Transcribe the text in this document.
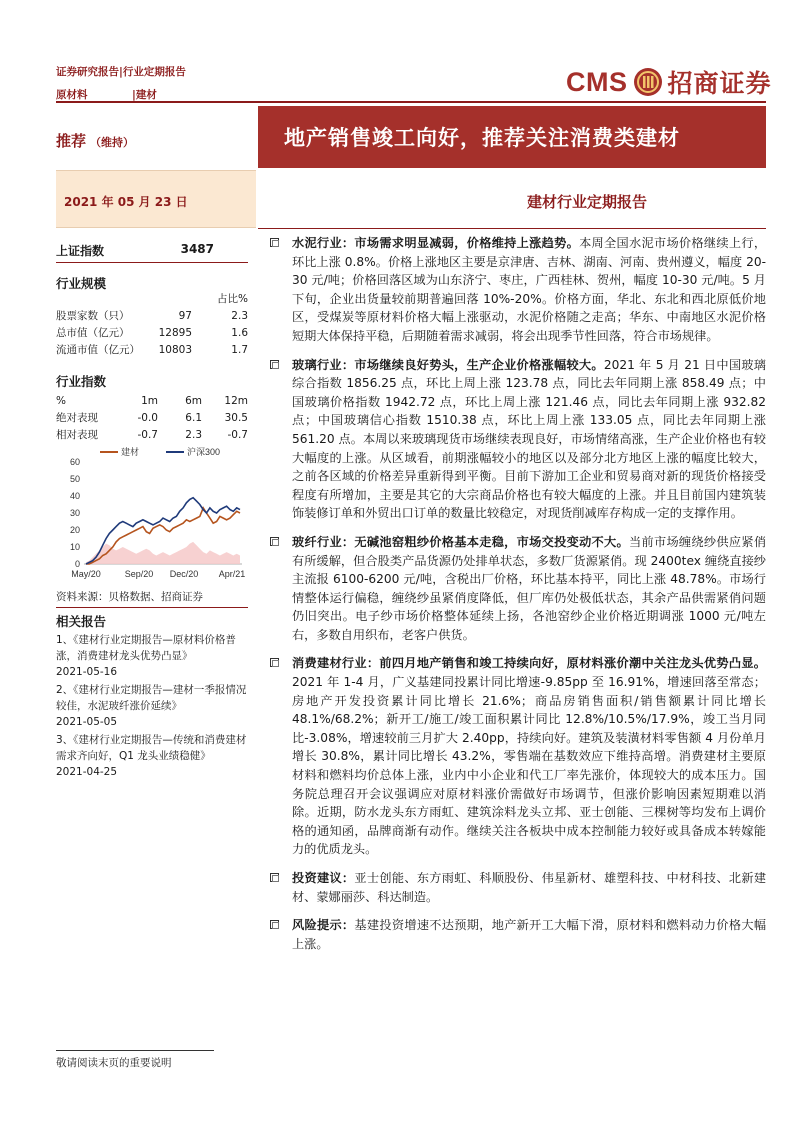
证券研究报告|行业定期报告
原材料	|建材	CMS 招商证券
推荐 （维持）	地产销售竣工向好，推荐关注消费类建材
2021 年 05 月 23 日	建材行业定期报告
上证指数	3487
行业规模
		占比%
股票家数（只）	97	2.3
总市值（亿元）	12895	1.6
流通市值（亿元）	10803	1.7
行业指数
%	1m	6m	12m
绝对表现	-0.0	6.1	30.5
相对表现	-0.7	2.3	-0.7
0
10
20
30
40
50
60
建材	沪深300
May/20	Sep/20 Dec/20 Apr/21
资料来源：贝格数据、招商证券
相关报告
1、《建材行业定期报告—原材料价格普涨，消费建材龙头优势凸显》
2021-05-16
2、《建材行业定期报告—建材一季报情况较佳，水泥玻纤涨价延续》
2021-05-05
3、《建材行业定期报告—传统和消费建材需求齐向好，Q1 龙头业绩稳健》
2021-04-25
水泥行业：市场需求明显减弱，价格维持上涨趋势。本周全国水泥市场价格继续上行，环比上涨 0.8%。价格上涨地区主要是京津唐、吉林、湖南、河南、贵州遵义，幅度 20-30 元/吨；价格回落区域为山东济宁、枣庄，广西桂林、贺州，幅度 10-30 元/吨。5 月下旬，企业出货量较前期普遍回落 10%-20%。价格方面，华北、东北和西北原低价地区，受煤炭等原材料价格大幅上涨驱动，水泥价格随之走高；华东、中南地区水泥价格短期大体保持平稳，后期随着需求减弱，将会出现季节性回落，符合市场规律。
玻璃行业：市场继续良好势头，生产企业价格涨幅较大。2021 年 5 月 21 日中国玻璃综合指数 1856.25 点，环比上周上涨 123.78 点，同比去年同期上涨 858.49 点；中国玻璃价格指数 1942.72 点，环比上周上涨 121.46 点，同比去年同期上涨 932.82 点；中国玻璃信心指数 1510.38 点，环比上周上涨 133.05 点，同比去年同期上涨 561.20 点。本周以来玻璃现货市场继续表现良好，市场情绪高涨，生产企业价格也有较大幅度的上涨。从区域看，前期涨幅较小的地区以及部分北方地区上涨的幅度比较大，之前各区域的价格差异重新得到平衡。目前下游加工企业和贸易商对新的现货价格接受程度有所增加，主要是其它的大宗商品价格也有较大幅度的上涨。并且目前国内建筑装饰装修订单和外贸出口订单的数量比较稳定，对现货削减库存构成一定的支撑作用。
玻纤行业：无碱池窑粗纱价格基本走稳，市场交投变动不大。当前市场缠绕纱供应紧俏有所缓解，但合股类产品货源仍处排单状态，多数厂货源紧俏。现 2400tex 缠绕直接纱主流报 6100-6200 元/吨，含税出厂价格，环比基本持平，同比上涨 48.78%。市场行情整体运行偏稳，缠绕纱虽紧俏度降低，但厂库仍处极低状态，其余产品供需紧俏问题仍旧突出。电子纱市场价格整体延续上扬，各池窑纱企业价格近期调涨 1000 元/吨左右，多数自用织布，老客户供货。
消费建材行业：前四月地产销售和竣工持续向好，原材料涨价潮中关注龙头优势凸显。2021 年 1-4 月，广义基建同投累计同比增速-9.85pp 至 16.91%，增速回落至常态；房地产开发投资累计同比增长 21.6%；商品房销售面积/销售额累计同比增长 48.1%/68.2%；新开工/施工/竣工面积累计同比 12.8%/10.5%/17.9%，竣工当月同比-3.08%，增速较前三月扩大 2.40pp，持续向好。建筑及装潢材料零售额 4 月份单月增长 30.8%，累计同比增长 43.2%，零售端在基数效应下维持高增。消费建材主要原材料和燃料均价总体上涨，业内中小企业和代工厂率先涨价，体现较大的成本压力。国务院总理召开会议强调应对原材料涨价需做好市场调节，但涨价影响因素短期难以消除。近期，防水龙头东方雨虹、建筑涂料龙头立邦、亚士创能、三棵树等均发布上调价格的通知函，品牌商渐有动作。继续关注各板块中成本控制能力较好或具备成本转嫁能力的优质龙头。
投资建议：亚士创能、东方雨虹、科顺股份、伟星新材、雄塑科技、中材科技、北新建材、蒙娜丽莎、科达制造。
风险提示：基建投资增速不达预期，地产新开工大幅下滑，原材料和燃料动力价格大幅上涨。
敬请阅读末页的重要说明
